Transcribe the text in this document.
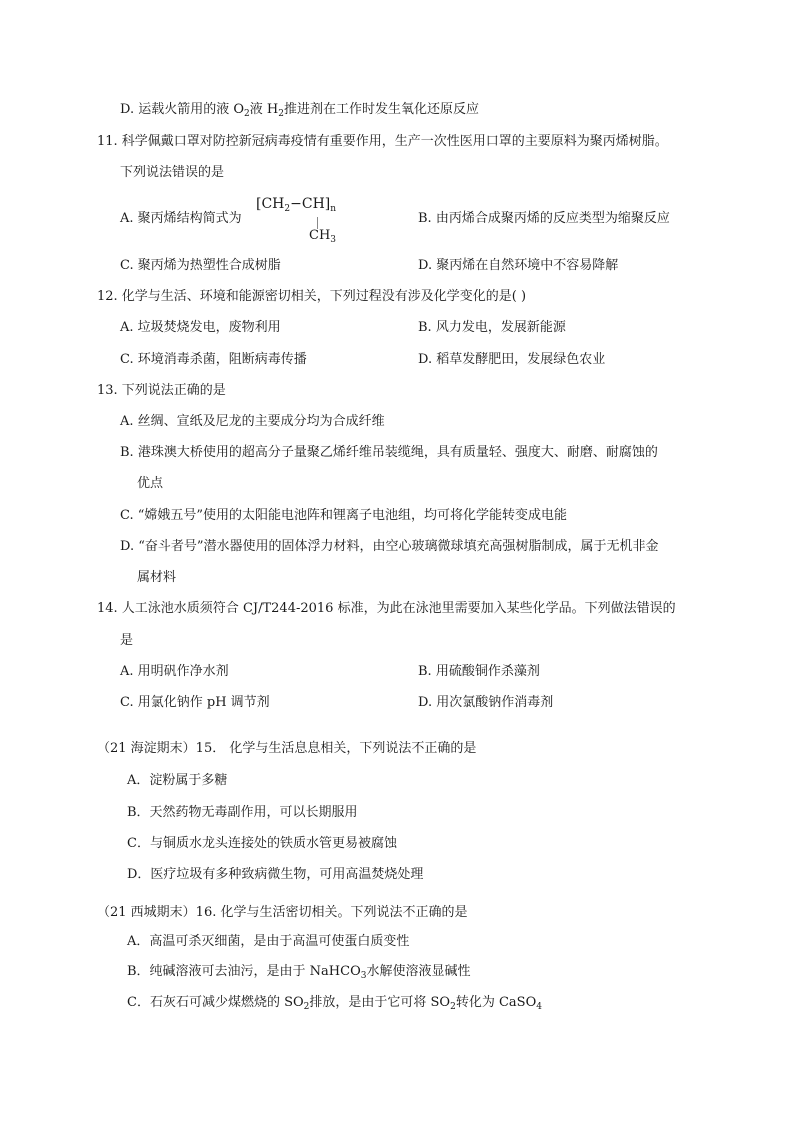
D. 运载火箭用的液 $O_2$液 $H_2$推进剂在工作时发生氧化还原反应
11. 科学佩戴口罩对防控新冠病毒疫情有重要作用，生产一次性医用口罩的主要原料为聚丙烯树脂。
下列说法错误的是
A. 聚丙烯结构简式为
$[CH_2-CH]_n$
$CH_3$
B. 由丙烯合成聚丙烯的反应类型为缩聚反应
C. 聚丙烯为热塑性合成树脂	D. 聚丙烯在自然环境中不容易降解
12. 化学与生活、环境和能源密切相关，下列过程没有涉及化学变化的是( )
A. 垃圾焚烧发电，废物利用	B. 风力发电，发展新能源
C. 环境消毒杀菌，阻断病毒传播	D. 稻草发酵肥田，发展绿色农业
13. 下列说法正确的是
A. 丝绸、宣纸及尼龙的主要成分均为合成纤维
B. 港珠澳大桥使用的超高分子量聚乙烯纤维吊装缆绳，具有质量轻、强度大、耐磨、耐腐蚀的
优点
C. “嫦娥五号”使用的太阳能电池阵和锂离子电池组，均可将化学能转变成电能
D. “奋斗者号”潜水器使用的固体浮力材料，由空心玻璃微球填充高强树脂制成，属于无机非金
属材料
14. 人工泳池水质须符合 CJ/T244-2016 标准，为此在泳池里需要加入某些化学品。下列做法错误的
是
A. 用明矾作净水剂	B. 用硫酸铜作杀藻剂
C. 用氯化钠作 pH 调节剂	D. 用次氯酸钠作消毒剂
（21 海淀期末）15． 化学与生活息息相关，下列说法不正确的是
A．淀粉属于多糖
B．天然药物无毒副作用，可以长期服用
C．与铜质水龙头连接处的铁质水管更易被腐蚀
D．医疗垃圾有多种致病微生物，可用高温焚烧处理
（21 西城期末）16. 化学与生活密切相关。下列说法不正确的是
A．高温可杀灭细菌，是由于高温可使蛋白质变性
B．纯碱溶液可去油污，是由于 NaHCO$_3$水解使溶液显碱性
C．石灰石可减少煤燃烧的 $SO_2$排放，是由于它可将 $SO_2$转化为 CaSO$_4$
